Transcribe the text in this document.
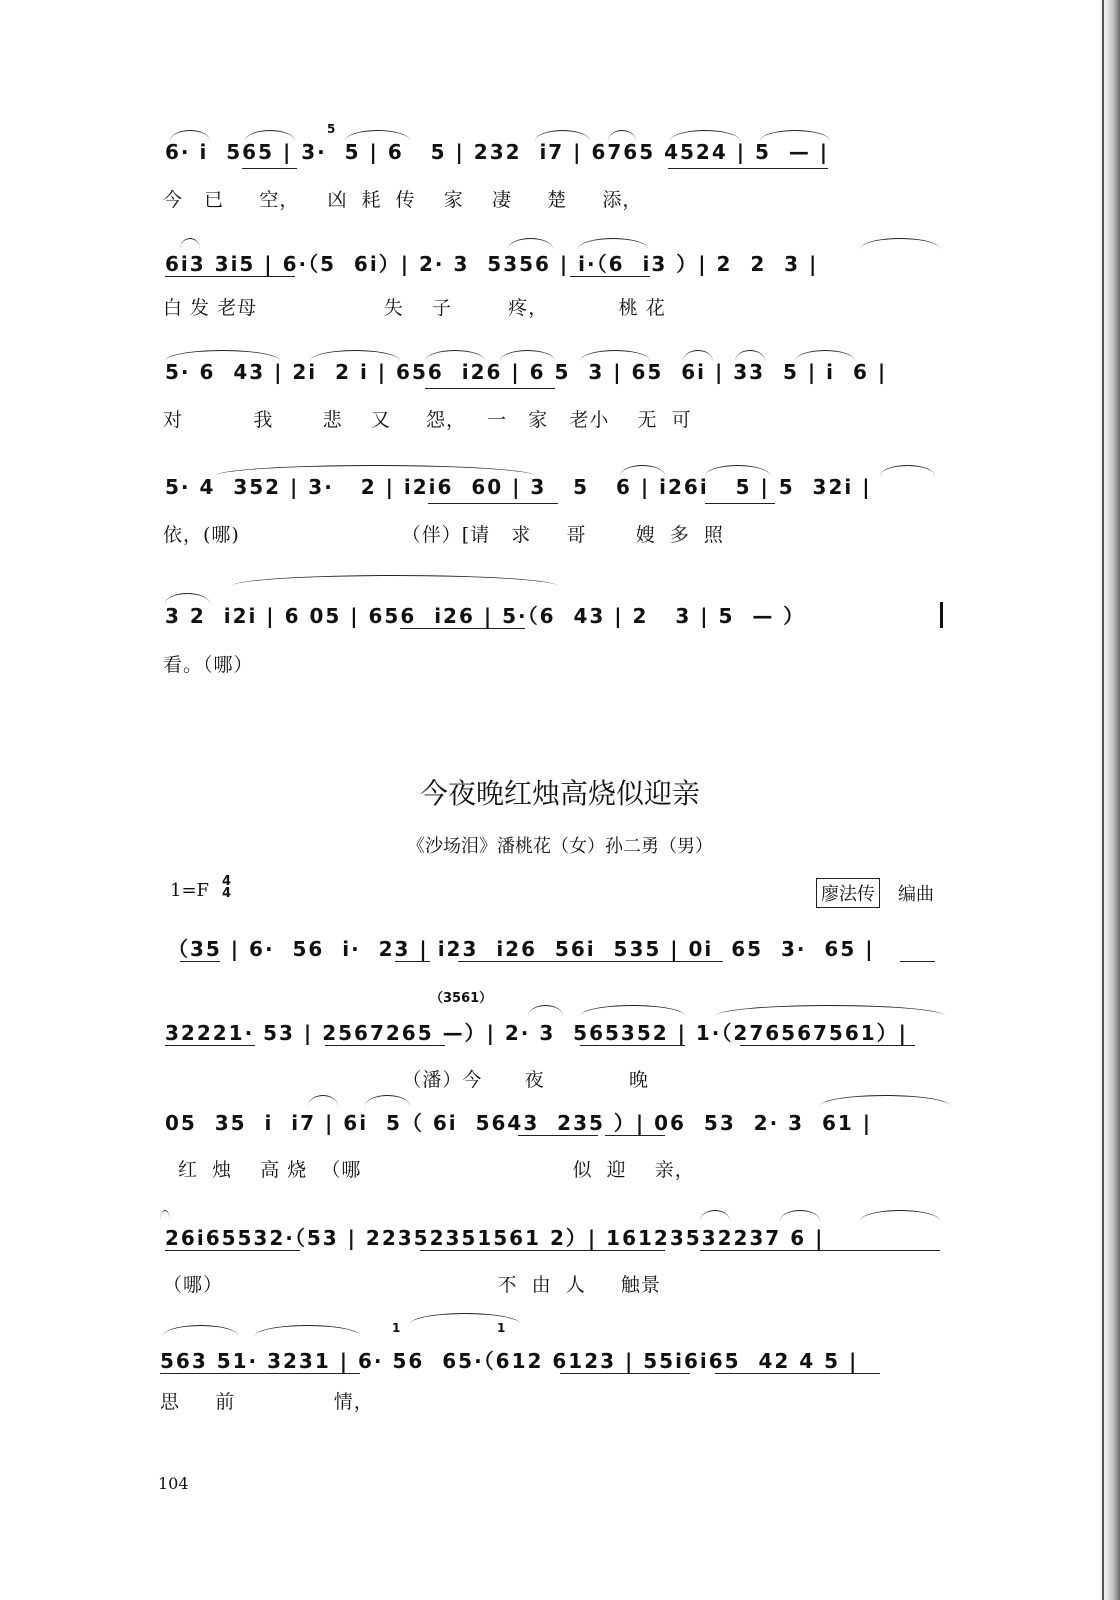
5
6· i  565 | 3·  5 | 6   5 | 232  i7 | 6765 4524 | 5  — |
今   已     空，    凶  耗  传    家    凄     楚     添，
6i3 3i5 | 6·（5  6i）| 2· 3  5356 | i·（6  i3 ）| 2  2  3 |
白 发 老母                  失    子        疼，          桃 花
5· 6  43 | 2i  2 i | 656  i26 | 6 5  3 | 65  6i | 33  5 | i  6 |
对          我       悲    又     怨，   一   家   老小    无  可
5· 4  352 | 3·   2 | i2i6  60 | 3   5   6 | i26i   5 | 5  32i |
依，(哪)                       （伴）[请   求     哥       嫂  多  照
3 2  i2i | 6 05 | 656  i26 | 5·（6  43 | 2   3 | 5  — ）
看。（哪）
今夜晚红烛高烧似迎亲
《沙场泪》潘桃花（女）孙二勇（男）
1=F 4
4	廖法传 编曲
（35 | 6·  56  i·  23 | i23  i26  56i  535 | 0i  65  3·  65 |
（3561）
32221· 53 | 2567265 —）| 2· 3  565352 | 1·（276567561）|
（潘）今      夜            晚
05  35  i  i7 | 6i  5（ 6i  5643  235 ）| 06  53  2· 3  61 |
红  烛    高 烧  （哪                              似  迎    亲，
26i65532·（53 | 22352351561 2）| 16123532237 6 |
（哪）                                       不  由  人     触景
1	1
563 51· 3231 | 6· 56  65·（612 6123 | 55i6i65  42 4 5 |
思     前              情，
104
